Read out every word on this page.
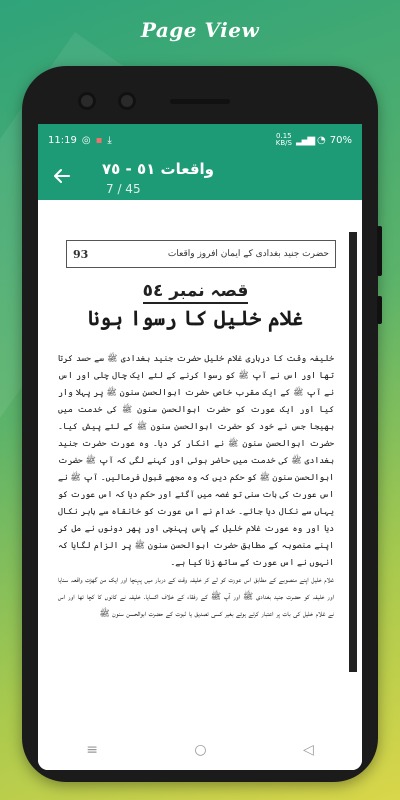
Page View
11:19 ◎ ▪ ⤓	0.15
KB/S ▂▄▆ ◔ 70%
واقعات ٥١ - ٧٥
7 / 45
93	حضرت جنید بغدادی کے ایمان افروز واقعات
قصہ نمبر ٥٤
غلام خلیل کا رسوا ہونا

خلیفہ وقت کا درباری غلام خلیل حضرت جنید بغدادی ﷺ سے حسد کرتا تھا اور اس نے آپ ﷺ کو رسوا کرنے کے لئے ایک چال چلی اور اس نے آپ ﷺ کے ایک مقرب خاص حضرت ابوالحسن سنون ﷺ پر پہلا وار کیا اور ایک عورت کو حضرت ابوالحسن سنون ﷺ کی خدمت میں بھیجا جس نے خود کو حضرت ابوالحسن سنون ﷺ کے لئے پیش کیا۔ حضرت ابوالحسن سنون ﷺ نے انکار کر دیا۔ وہ عورت حضرت جنید بغدادی ﷺ کی خدمت میں حاضر ہوئی اور کہنے لگی کہ آپ ﷺ حضرت ابوالحسن سنون ﷺ کو حکم دیں کہ وہ مجھے قبول فرمالیں۔ آپ ﷺ نے اس عورت کی بات سنی تو غصہ میں آگئے اور حکم دیا کہ اس عورت کو یہاں سے نکال دیا جائے۔ خدام نے اس عورت کو خانقاہ سے باہر نکال دیا اور وہ عورت غلام خلیل کے پاس پہنچی اور پھر دونوں نے مل کر اپنے منصوبہ کے مطابق حضرت ابوالحسن سنون ﷺ پر الزام لگایا کہ انہوں نے اس عورت کے ساتھ زنا کیا ہے۔

غلام خلیل اپنے منصوبے کے مطابق اس عورت کو لے کر خلیفہ وقت کے دربار میں پہنچا اور ایک من گھڑت واقعہ سنایا اور خلیفہ کو حضرت جنید بغدادی ﷺ اور آپ ﷺ کے رفقاء کے خلاف اکسایا۔ خلیفہ نے کانوں کا کچا تھا اور اس نے غلام خلیل کی بات پر اعتبار کرتے ہوئے بغیر کسی تصدیق یا ثبوت کے حضرت ابوالحسن سنون ﷺ

≡	○	◁
